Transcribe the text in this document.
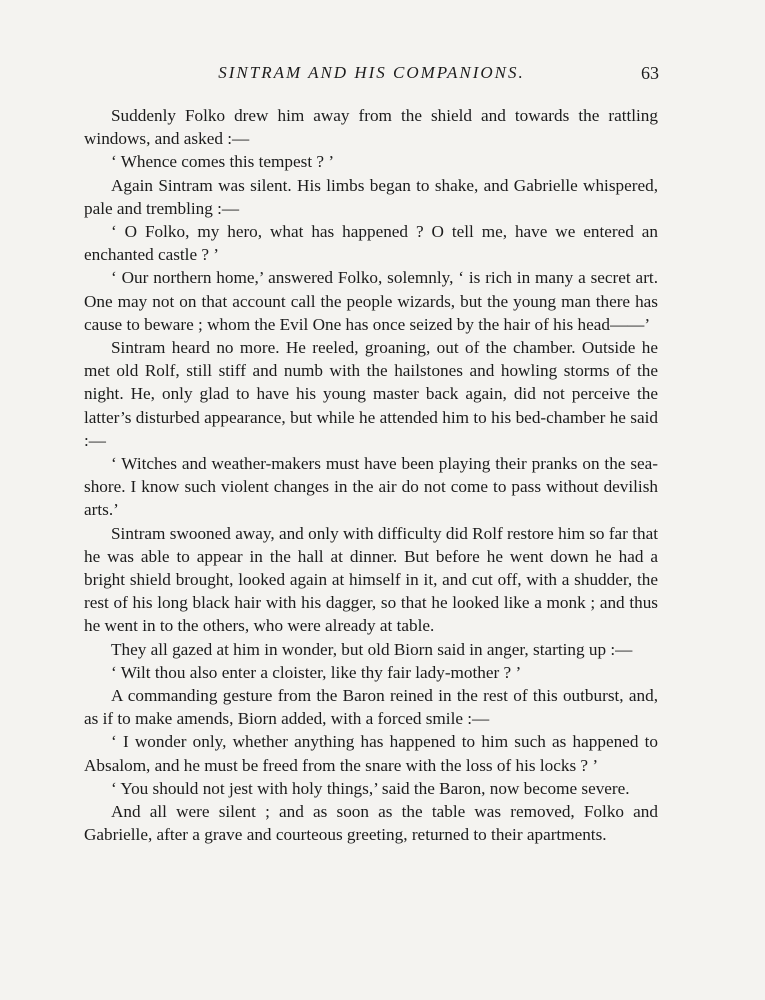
SINTRAM AND HIS COMPANIONS.	63

Suddenly Folko drew him away from the shield and towards the rattling windows, and asked :—

‘ Whence comes this tempest ? ’

Again Sintram was silent. His limbs began to shake, and Gabrielle whispered, pale and trembling :—

‘ O Folko, my hero, what has happened ? O tell me, have we entered an enchanted castle ? ’

‘ Our northern home,’ answered Folko, solemnly, ‘ is rich in many a secret art. One may not on that account call the people wizards, but the young man there has cause to beware ; whom the Evil One has once seized by the hair of his head——’

Sintram heard no more. He reeled, groaning, out of the chamber. Outside he met old Rolf, still stiff and numb with the hailstones and howling storms of the night. He, only glad to have his young master back again, did not perceive the latter’s disturbed appearance, but while he attended him to his bed-chamber he said :—

‘ Witches and weather-makers must have been playing their pranks on the sea-shore. I know such violent changes in the air do not come to pass without devilish arts.’

Sintram swooned away, and only with difficulty did Rolf restore him so far that he was able to appear in the hall at dinner. But before he went down he had a bright shield brought, looked again at himself in it, and cut off, with a shudder, the rest of his long black hair with his dagger, so that he looked like a monk ; and thus he went in to the others, who were already at table.

They all gazed at him in wonder, but old Biorn said in anger, starting up :—

‘ Wilt thou also enter a cloister, like thy fair lady-mother ? ’

A commanding gesture from the Baron reined in the rest of this outburst, and, as if to make amends, Biorn added, with a forced smile :—

‘ I wonder only, whether anything has happened to him such as happened to Absalom, and he must be freed from the snare with the loss of his locks ? ’

‘ You should not jest with holy things,’ said the Baron, now become severe.

And all were silent ; and as soon as the table was removed, Folko and Gabrielle, after a grave and courteous greeting, returned to their apartments.
